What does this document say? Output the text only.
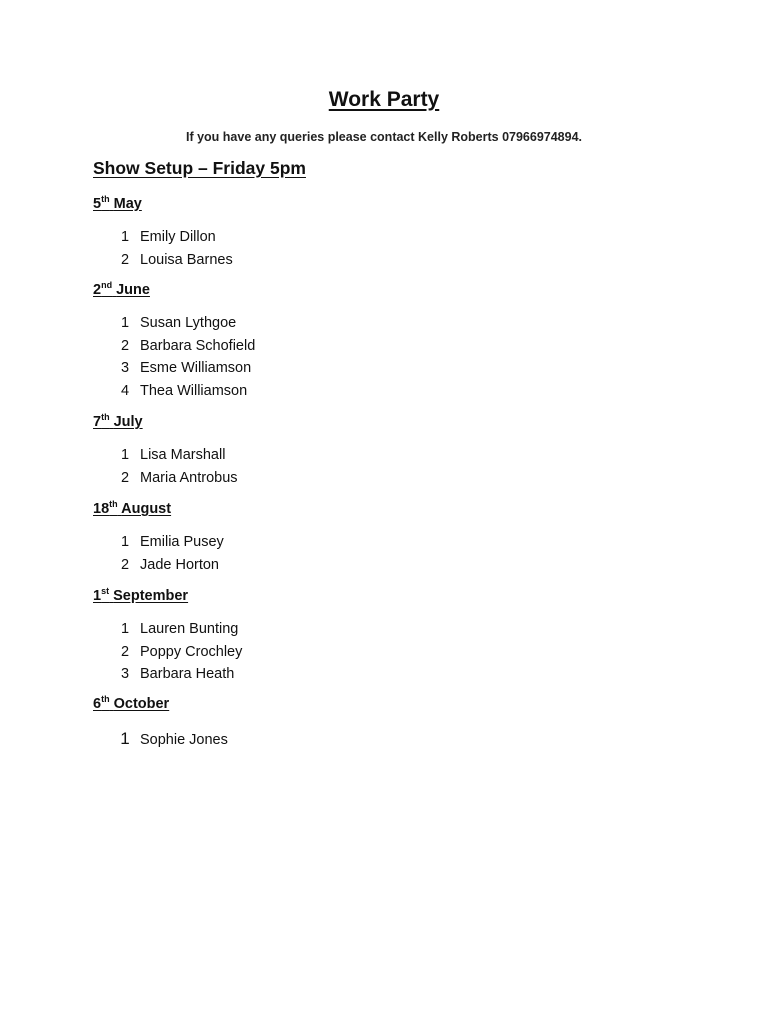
Work Party
If you have any queries please contact Kelly Roberts 07966974894.
Show Setup – Friday 5pm
5th May
1 Emily Dillon
2 Louisa Barnes
2nd June
1 Susan Lythgoe
2 Barbara Schofield
3 Esme Williamson
4 Thea Williamson
7th July
1 Lisa Marshall
2 Maria Antrobus
18th August
1 Emilia Pusey
2 Jade Horton
1st September
1 Lauren Bunting
2 Poppy Crochley
3 Barbara Heath
6th October
1 Sophie Jones
